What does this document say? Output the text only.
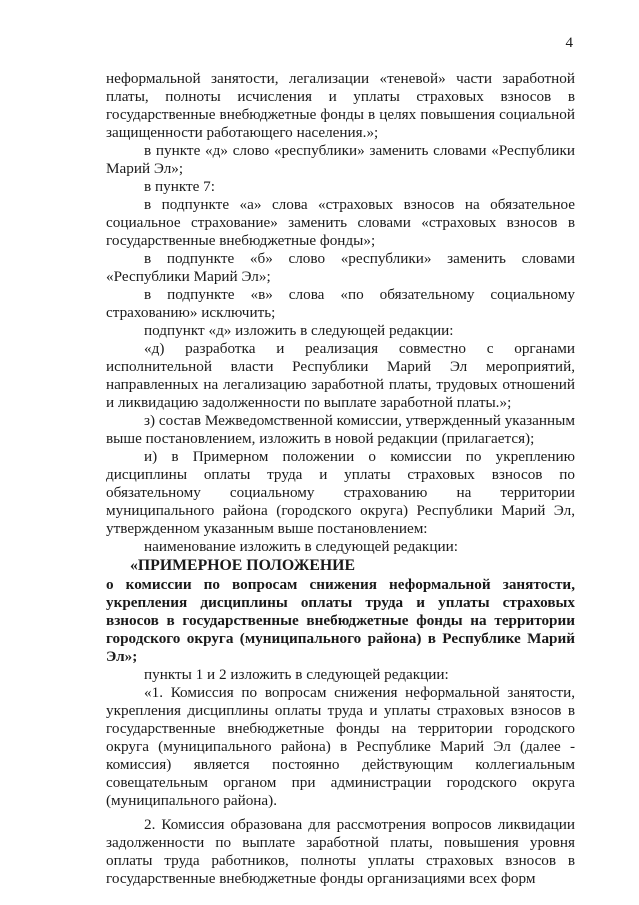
4

неформальной занятости, легализации «теневой» части заработной платы, полноты исчисления и уплаты страховых взносов в государственные внебюджетные фонды в целях повышения социальной защищенности работающего населения.»;

в пункте «д» слово «республики» заменить словами «Республики Марий Эл»;

в пункте 7:

в подпункте «а» слова «страховых взносов на обязательное социальное страхование» заменить словами «страховых взносов в государственные внебюджетные фонды»;

в подпункте «б» слово «республики» заменить словами «Республики Марий Эл»;

в подпункте «в» слова «по обязательному социальному страхованию» исключить;

подпункт «д» изложить в следующей редакции:

«д) разработка и реализация совместно с органами исполнительной власти Республики Марий Эл мероприятий, направленных на легализацию заработной платы, трудовых отношений и ликвидацию задолженности по выплате заработной платы.»;

з) состав Межведомственной комиссии, утвержденный указанным выше постановлением, изложить в новой редакции (прилагается);

и) в Примерном положении о комиссии по укреплению дисциплины оплаты труда и уплаты страховых взносов по обязательному социальному страхованию на территории муниципального района (городского округа) Республики Марий Эл, утвержденном указанным выше постановлением:

наименование изложить в следующей редакции:

«ПРИМЕРНОЕ ПОЛОЖЕНИЕ

о комиссии по вопросам снижения неформальной занятости, укрепления дисциплины оплаты труда и уплаты страховых взносов в государственные внебюджетные фонды на территории городского округа (муниципального района) в Республике Марий Эл»;

пункты 1 и 2 изложить в следующей редакции:

«1. Комиссия по вопросам снижения неформальной занятости, укрепления дисциплины оплаты труда и уплаты страховых взносов в государственные внебюджетные фонды на территории городского округа (муниципального района) в Республике Марий Эл (далее - комиссия) является постоянно действующим коллегиальным совещательным органом при администрации городского округа (муниципального района).

2. Комиссия образована для рассмотрения вопросов ликвидации задолженности по выплате заработной платы, повышения уровня оплаты труда работников, полноты уплаты страховых взносов в государственные внебюджетные фонды организациями всех форм
